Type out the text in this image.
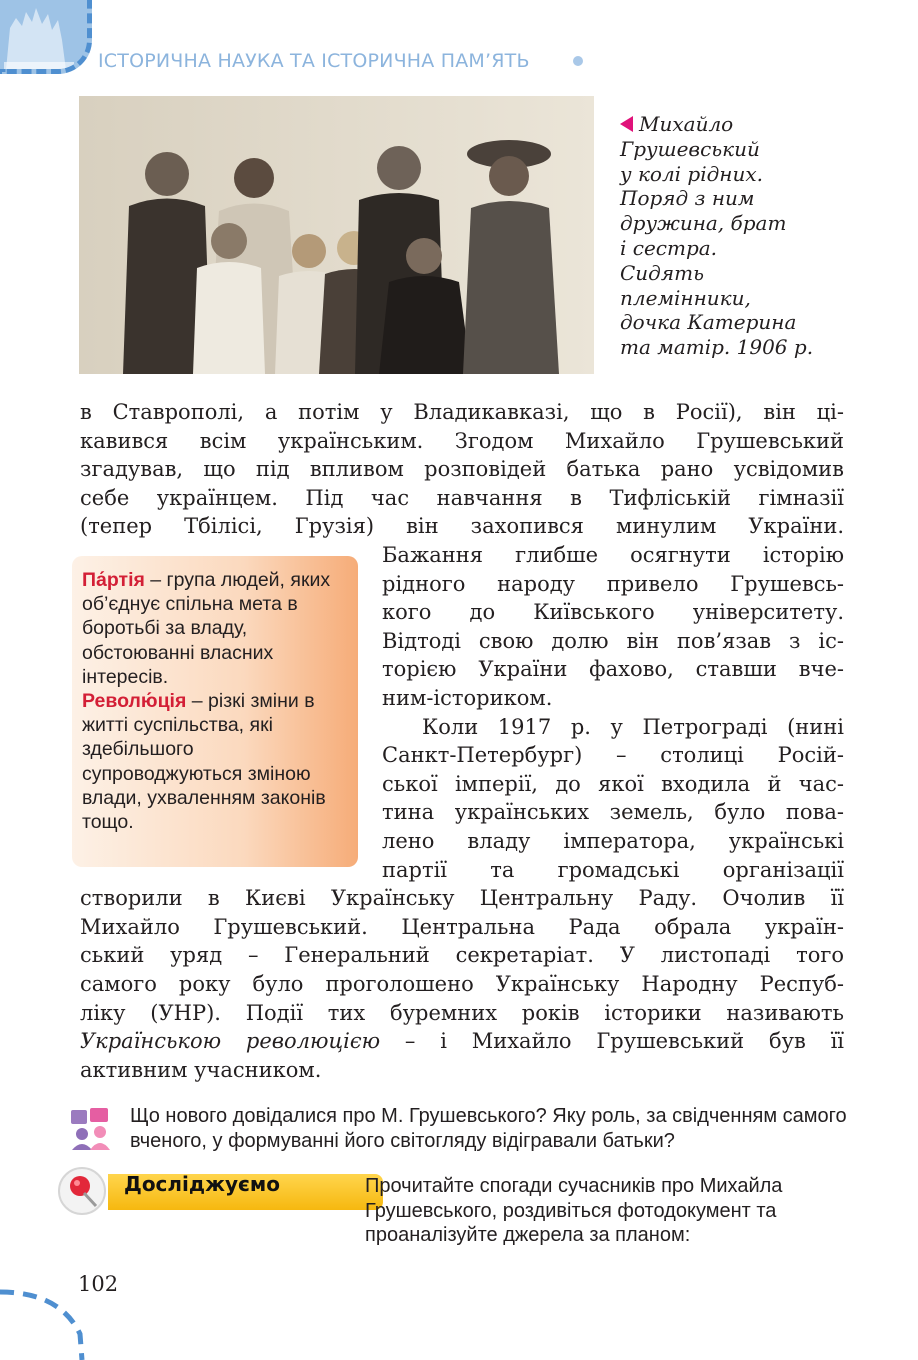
ІСТОРИЧНА НАУКА ТА ІСТОРИЧНА ПАМ’ЯТЬ
Михайло
Грушевський
у колі рідних.
Поряд з ним
дружина, брат
і сестра.
Сидять
племінники,
дочка Катерина
та матір. 1906 р.
в Ставрополі, а потім у Владикавказі, що в Росії), він ці-
кавився всім українським. Згодом Михайло Грушевський
згадував, що під впливом розповідей батька рано усвідомив
себе українцем. Під час навчання в Тифліській гімназії
(тепер Тбілісі, Грузія) він захопився минулим України.
Бажання глибше осягнути історію
рідного народу привело Грушевсь-
кого до Київського університету.
Відтоді свою долю він пов’язав з іс-
торією України фахово, ставши вче-
ним-істориком.
Коли 1917 р. у Петрограді (нині
Санкт-Петербург) – столиці Росій-
ської імперії, до якої входила й час-
тина українських земель, було пова-
лено владу імператора, українські
партії та громадські організації
створили в Києві Українську Центральну Раду. Очолив її
Михайло Грушевський. Центральна Рада обрала україн-
ський уряд – Генеральний секретаріат. У листопаді того
самого року було проголошено Українську Народну Респуб-
ліку (УНР). Події тих буремних років історики називають
Українською революцією – і Михайло Грушевський був її
активним учасником.
Па́ртія – група людей, яких об’єднує спільна мета в боротьбі за владу, обстоюванні власних інтересів.
Револю́ція – різкі зміни в житті суспільства, які здебільшого супроводжуються зміною влади, ухваленням законів тощо.
Що нового довідалися про М. Грушевського? Яку роль, за свідченням самого вченого, у формуванні його світогляду відігравали батьки?
Досліджуємо	Прочитайте спогади сучасників про Михайла Грушевського, роздивіться фотодокумент та проаналізуйте джерела за планом:
102
